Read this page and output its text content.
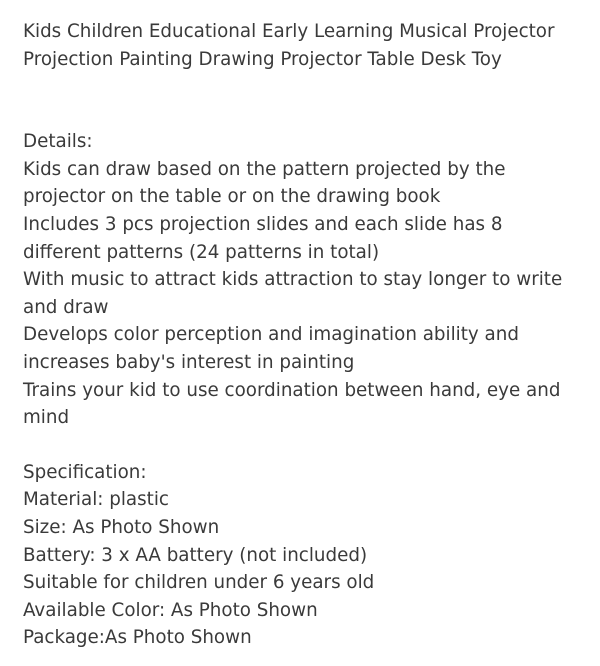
Kids Children Educational Early Learning Musical Projector
Projection Painting Drawing Projector Table Desk Toy
Details:
Kids can draw based on the pattern projected by the
projector on the table or on the drawing book
Includes 3 pcs projection slides and each slide has 8
different patterns (24 patterns in total)
With music to attract kids attraction to stay longer to write
and draw
Develops color perception and imagination ability and
increases baby's interest in painting
Trains your kid to use coordination between hand, eye and
mind
Specification:
Material: plastic
Size: As Photo Shown
Battery: 3 x AA battery (not included)
Suitable for children under 6 years old
Available Color: As Photo Shown
Package:As Photo Shown
